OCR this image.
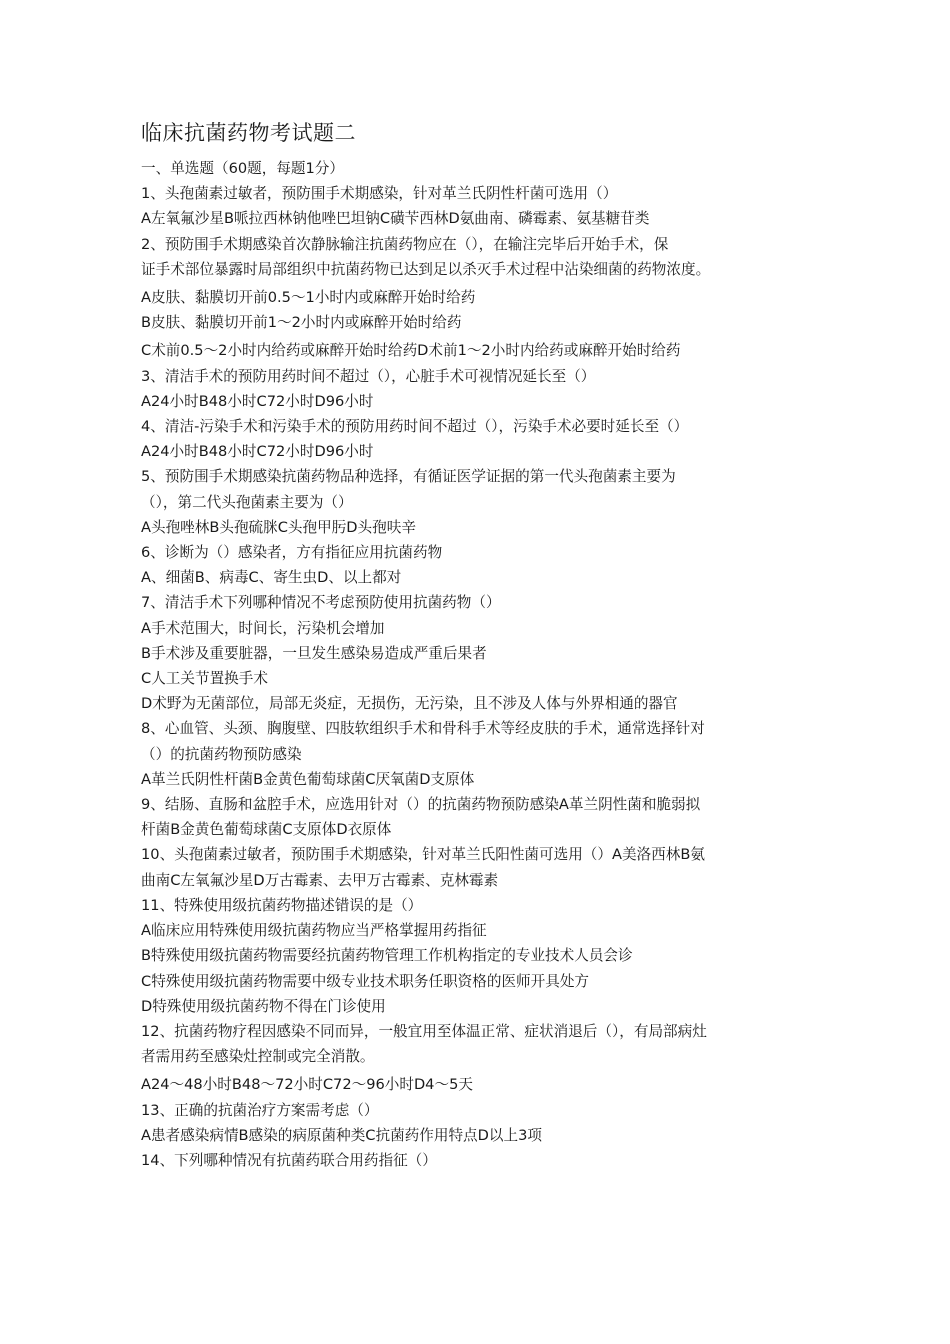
临床抗菌药物考试题二
一、单选题（60题，每题1分）
1、头孢菌素过敏者，预防围手术期感染，针对革兰氏阴性杆菌可选用（）
A左氧氟沙星B哌拉西林钠他唑巴坦钠C磺苄西林D氨曲南、磷霉素、氨基糖苷类
2、预防围手术期感染首次静脉输注抗菌药物应在（），在输注完毕后开始手术，保
证手术部位暴露时局部组织中抗菌药物已达到足以杀灭手术过程中沾染细菌的药物浓度。
A皮肤、黏膜切开前0.5〜1小时内或麻醉开始时给药
B皮肤、黏膜切开前1〜2小时内或麻醉开始时给药
C术前0.5〜2小时内给药或麻醉开始时给药D术前1〜2小时内给药或麻醉开始时给药
3、清洁手术的预防用药时间不超过（），心脏手术可视情况延长至（）
A24小时B48小时C72小时D96小时
4、清洁-污染手术和污染手术的预防用药时间不超过（），污染手术必要时延长至（）
A24小时B48小时C72小时D96小时
5、预防围手术期感染抗菌药物品种选择，有循证医学证据的第一代头孢菌素主要为
（），第二代头孢菌素主要为（）
A头孢唑林B头孢硫脒C头孢甲肟D头孢呋辛
6、诊断为（）感染者，方有指征应用抗菌药物
A、细菌B、病毒C、寄生虫D、以上都对
7、清洁手术下列哪种情况不考虑预防使用抗菌药物（）
A手术范围大，时间长，污染机会增加
B手术涉及重要脏器，一旦发生感染易造成严重后果者
C人工关节置换手术
D术野为无菌部位，局部无炎症，无损伤，无污染，且不涉及人体与外界相通的器官
8、心血管、头颈、胸腹壁、四肢软组织手术和骨科手术等经皮肤的手术，通常选择针对
（）的抗菌药物预防感染
A革兰氏阴性杆菌B金黄色葡萄球菌C厌氧菌D支原体
9、结肠、直肠和盆腔手术，应选用针对（）的抗菌药物预防感染A革兰阴性菌和脆弱拟
杆菌B金黄色葡萄球菌C支原体D衣原体
10、头孢菌素过敏者，预防围手术期感染，针对革兰氏阳性菌可选用（）A美洛西林B氨
曲南C左氧氟沙星D万古霉素、去甲万古霉素、克林霉素
11、特殊使用级抗菌药物描述错误的是（）
A临床应用特殊使用级抗菌药物应当严格掌握用药指征
B特殊使用级抗菌药物需要经抗菌药物管理工作机构指定的专业技术人员会诊
C特殊使用级抗菌药物需要中级专业技术职务任职资格的医师开具处方
D特殊使用级抗菌药物不得在门诊使用
12、抗菌药物疗程因感染不同而异，一般宜用至体温正常、症状消退后（），有局部病灶
者需用药至感染灶控制或完全消散。
A24〜48小时B48〜72小时C72〜96小时D4〜5天
13、正确的抗菌治疗方案需考虑（）
A患者感染病情B感染的病原菌种类C抗菌药作用特点D以上3项
14、下列哪种情况有抗菌药联合用药指征（）
